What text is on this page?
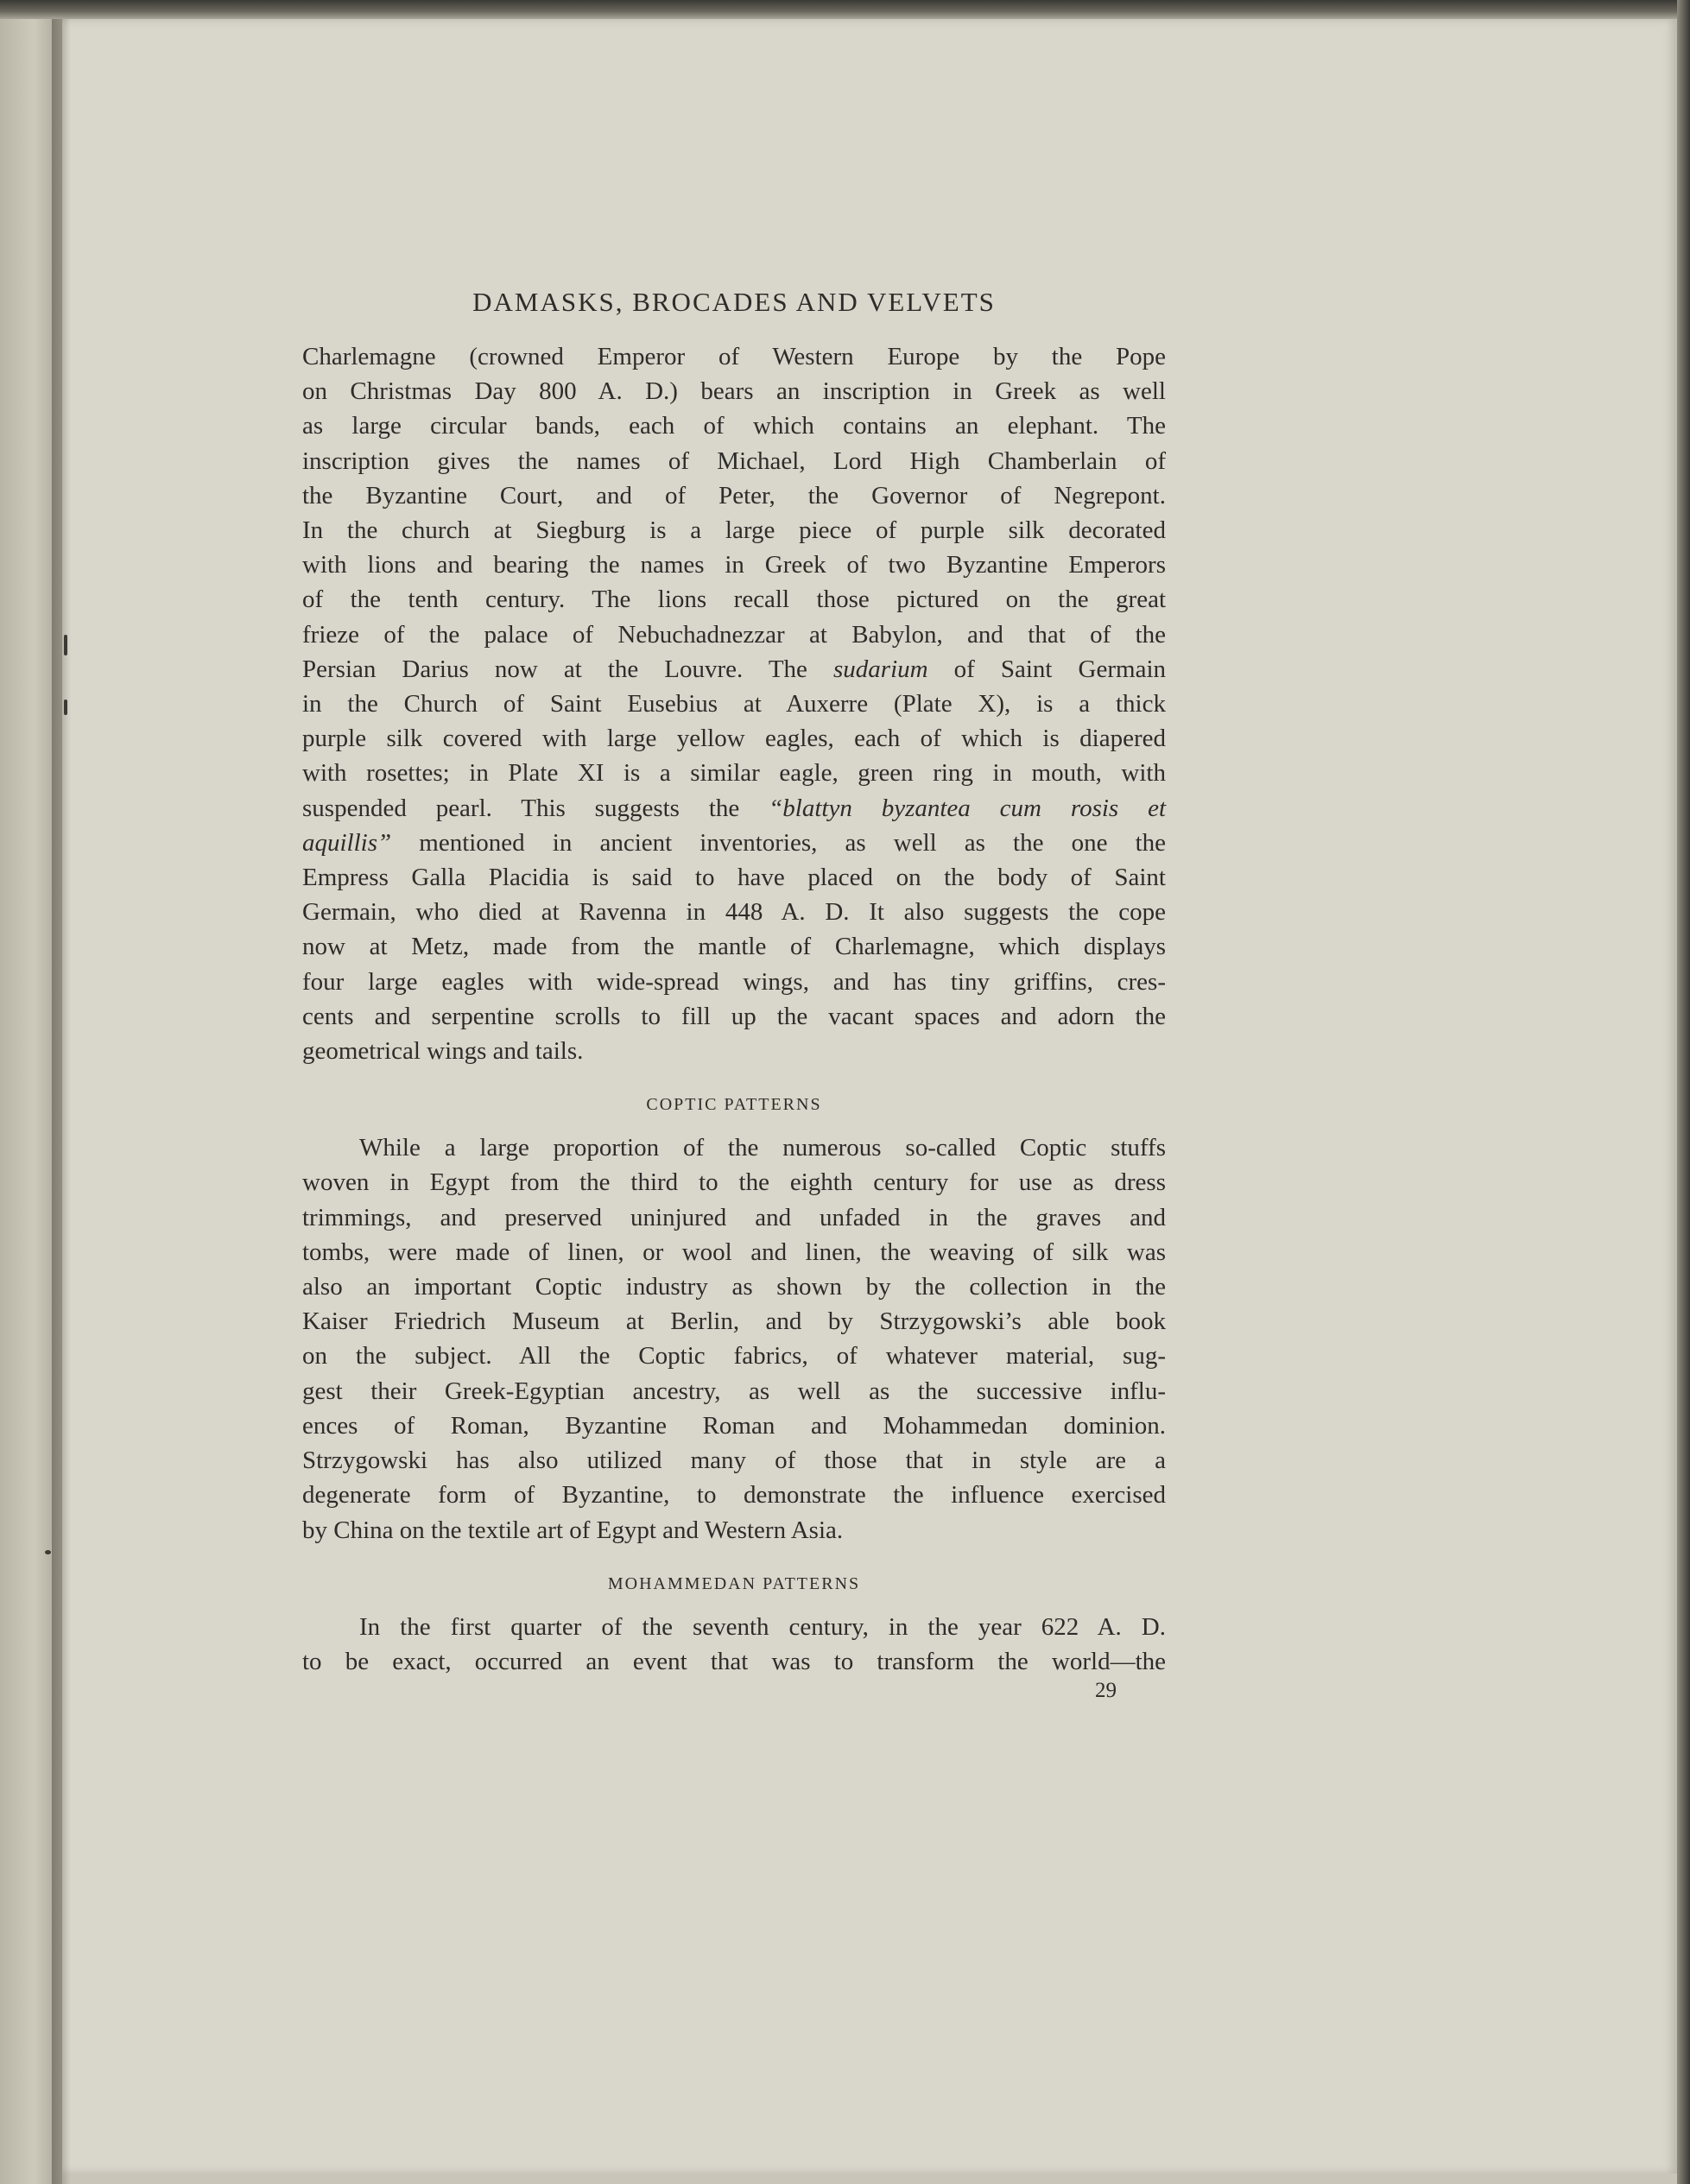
DAMASKS, BROCADES AND VELVETS

Charlemagne (crowned Emperor of Western Europe by the Pope

on Christmas Day 800 A. D.) bears an inscription in Greek as well

as large circular bands, each of which contains an elephant. The

inscription gives the names of Michael, Lord High Chamberlain of

the Byzantine Court, and of Peter, the Governor of Negrepont.

In the church at Siegburg is a large piece of purple silk decorated

with lions and bearing the names in Greek of two Byzantine Emperors

of the tenth century. The lions recall those pictured on the great

frieze of the palace of Nebuchadnezzar at Babylon, and that of the

Persian Darius now at the Louvre. The sudarium of Saint Germain

in the Church of Saint Eusebius at Auxerre (Plate X), is a thick

purple silk covered with large yellow eagles, each of which is diapered

with rosettes; in Plate XI is a similar eagle, green ring in mouth, with

suspended pearl. This suggests the “blattyn byzantea cum rosis et

aquillis” mentioned in ancient inventories, as well as the one the

Empress Galla Placidia is said to have placed on the body of Saint

Germain, who died at Ravenna in 448 A. D. It also suggests the cope

now at Metz, made from the mantle of Charlemagne, which displays

four large eagles with wide-spread wings, and has tiny griffins, cres-

cents and serpentine scrolls to fill up the vacant spaces and adorn the

geometrical wings and tails.

COPTIC PATTERNS

While a large proportion of the numerous so-called Coptic stuffs

woven in Egypt from the third to the eighth century for use as dress

trimmings, and preserved uninjured and unfaded in the graves and

tombs, were made of linen, or wool and linen, the weaving of silk was

also an important Coptic industry as shown by the collection in the

Kaiser Friedrich Museum at Berlin, and by Strzygowski’s able book

on the subject. All the Coptic fabrics, of whatever material, sug-

gest their Greek-Egyptian ancestry, as well as the successive influ-

ences of Roman, Byzantine Roman and Mohammedan dominion.

Strzygowski has also utilized many of those that in style are a

degenerate form of Byzantine, to demonstrate the influence exercised

by China on the textile art of Egypt and Western Asia.

MOHAMMEDAN PATTERNS

In the first quarter of the seventh century, in the year 622 A. D.

to be exact, occurred an event that was to transform the world—the

29
